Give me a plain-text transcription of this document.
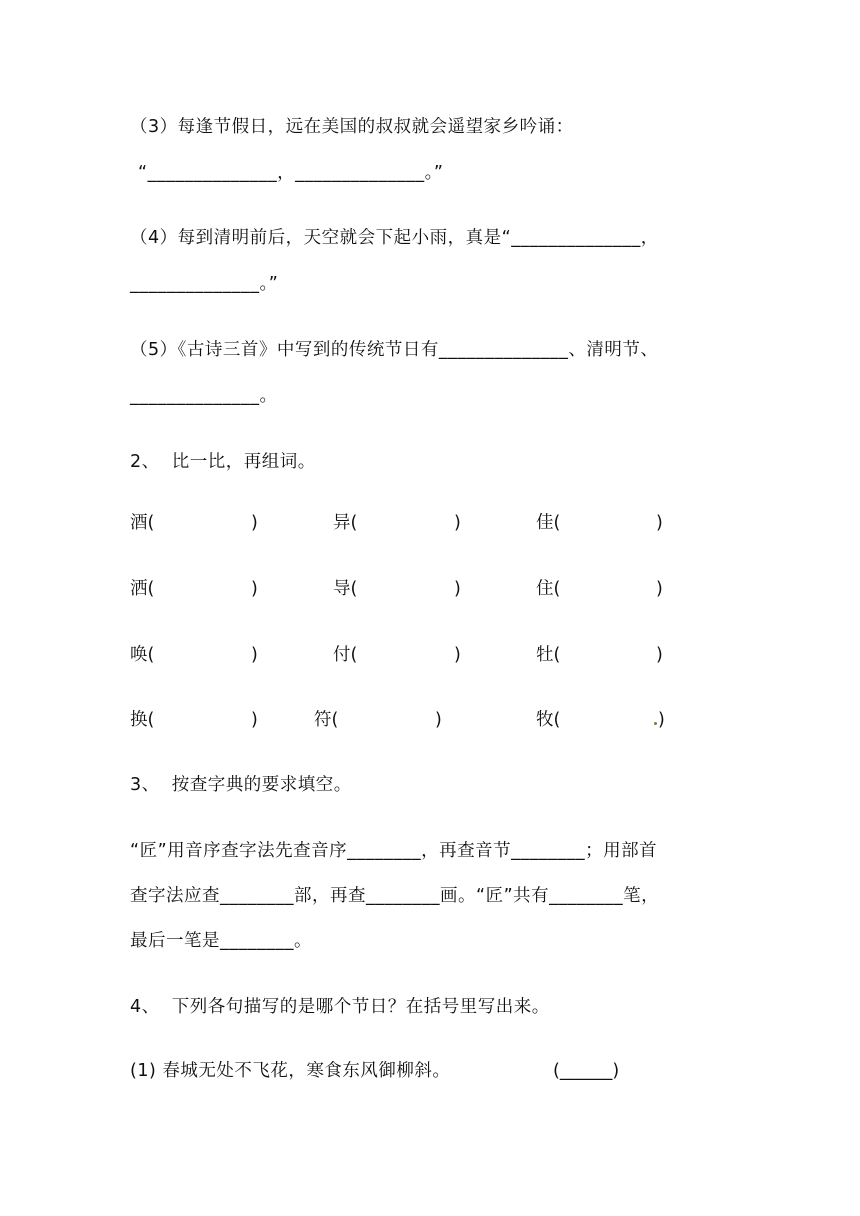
（3）每逢节假日，远在美国的叔叔就会遥望家乡吟诵：
“______________，______________。”
（4）每到清明前后，天空就会下起小雨，真是“______________，
______________。”
（5）《古诗三首》中写到的传统节日有______________、清明节、
______________。
2、  比一比，再组词。
酒(	)	异(	)	佳(	)
洒(	)	导(	)	住(	)
唤(	)	付(	)	牡(	)
换(	)	符(	)	牧(	)
3、  按查字典的要求填空。
“匠”用音序查字法先查音序________，再查音节________；用部首
查字法应查________部，再查________画。“匠”共有________笔，
最后一笔是________。
4、  下列各句描写的是哪个节日？在括号里写出来。
(1) 春城无处不飞花，寒食东风御柳斜。	(______)
